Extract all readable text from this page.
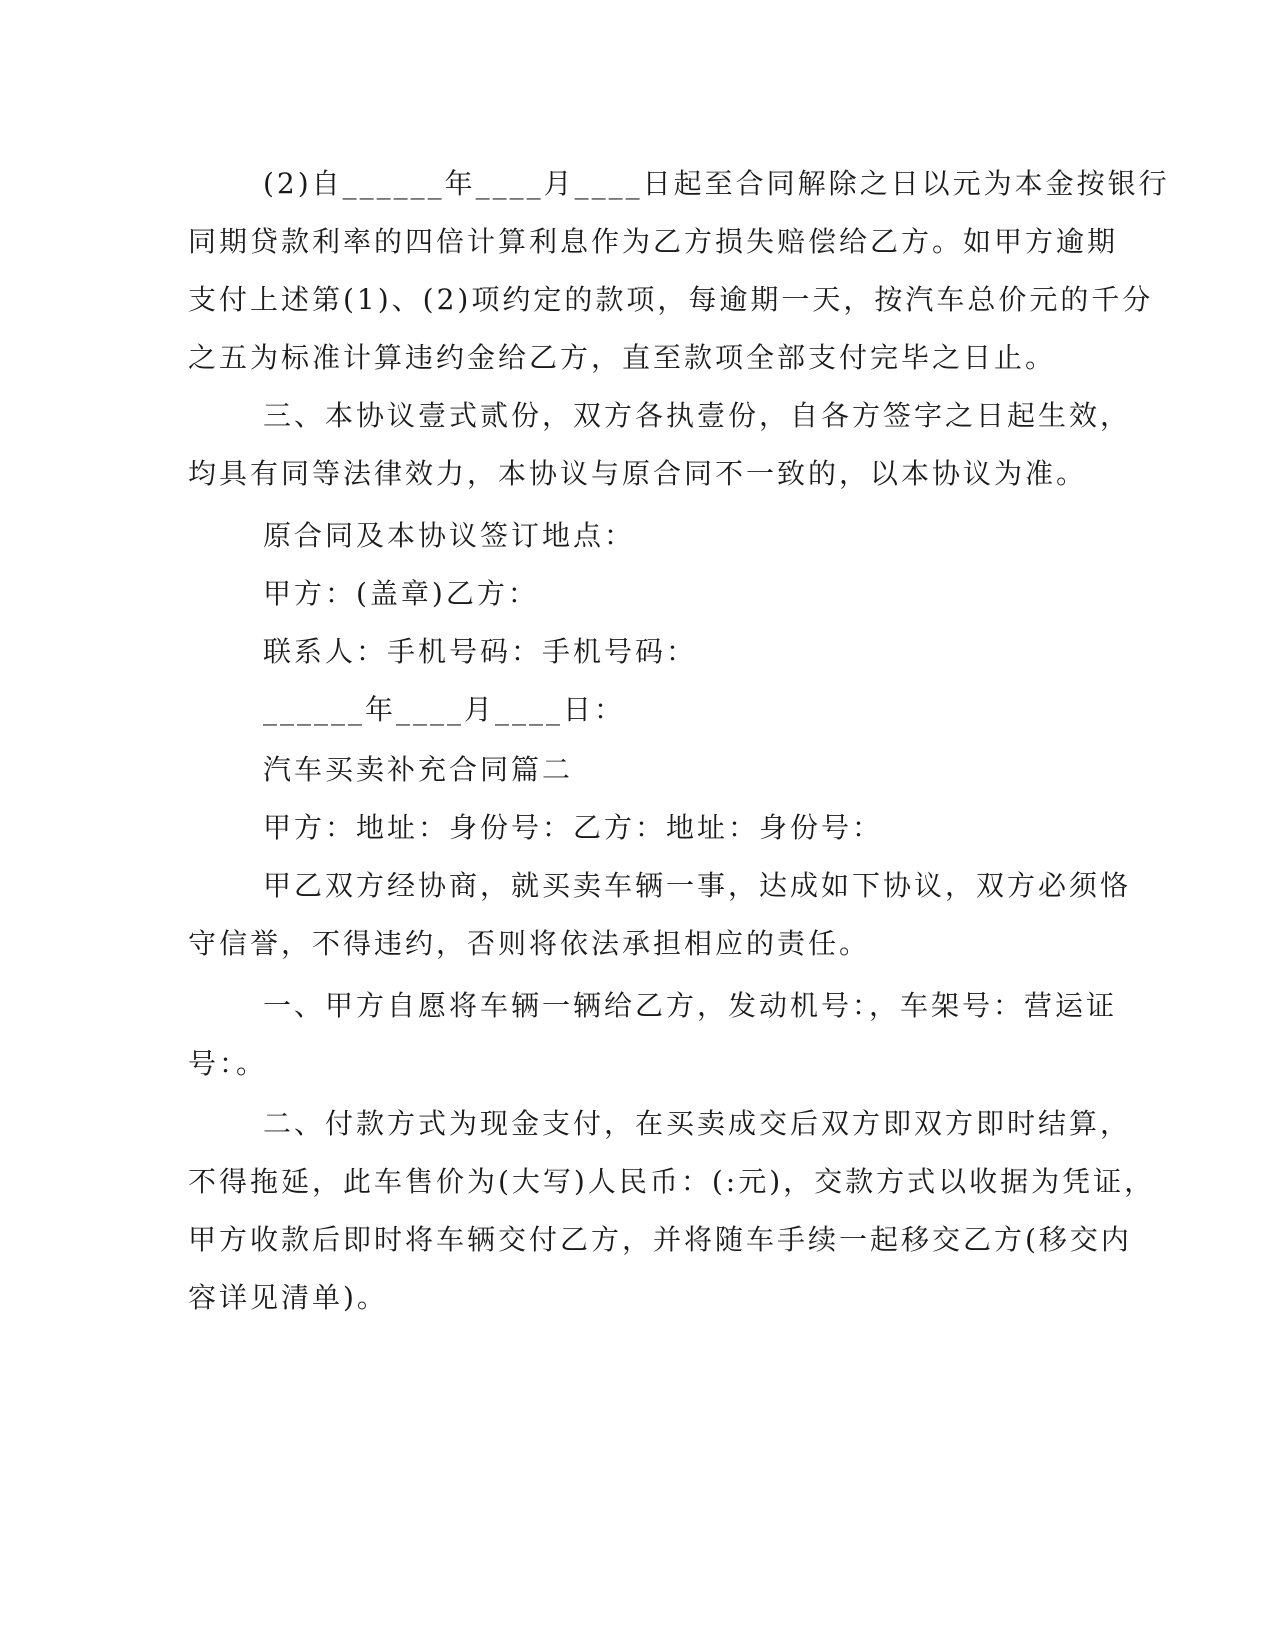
(2)自______年____月____日起至合同解除之日以元为本金按银行
同期贷款利率的四倍计算利息作为乙方损失赔偿给乙方。如甲方逾期
支付上述第(1)、(2)项约定的款项，每逾期一天，按汽车总价元的千分
之五为标准计算违约金给乙方，直至款项全部支付完毕之日止。
三、本协议壹式贰份，双方各执壹份，自各方签字之日起生效，
均具有同等法律效力，本协议与原合同不一致的，以本协议为准。
原合同及本协议签订地点：
甲方：(盖章)乙方：
联系人：手机号码：手机号码：
______年____月____日：
汽车买卖补充合同篇二
甲方：地址：身份号：乙方：地址：身份号：
甲乙双方经协商，就买卖车辆一事，达成如下协议，双方必须恪
守信誉，不得违约，否则将依法承担相应的责任。
一、甲方自愿将车辆一辆给乙方，发动机号：，车架号：营运证
号：。
二、付款方式为现金支付，在买卖成交后双方即双方即时结算，
不得拖延，此车售价为(大写)人民币：(:元)，交款方式以收据为凭证，
甲方收款后即时将车辆交付乙方，并将随车手续一起移交乙方(移交内
容详见清单)。
